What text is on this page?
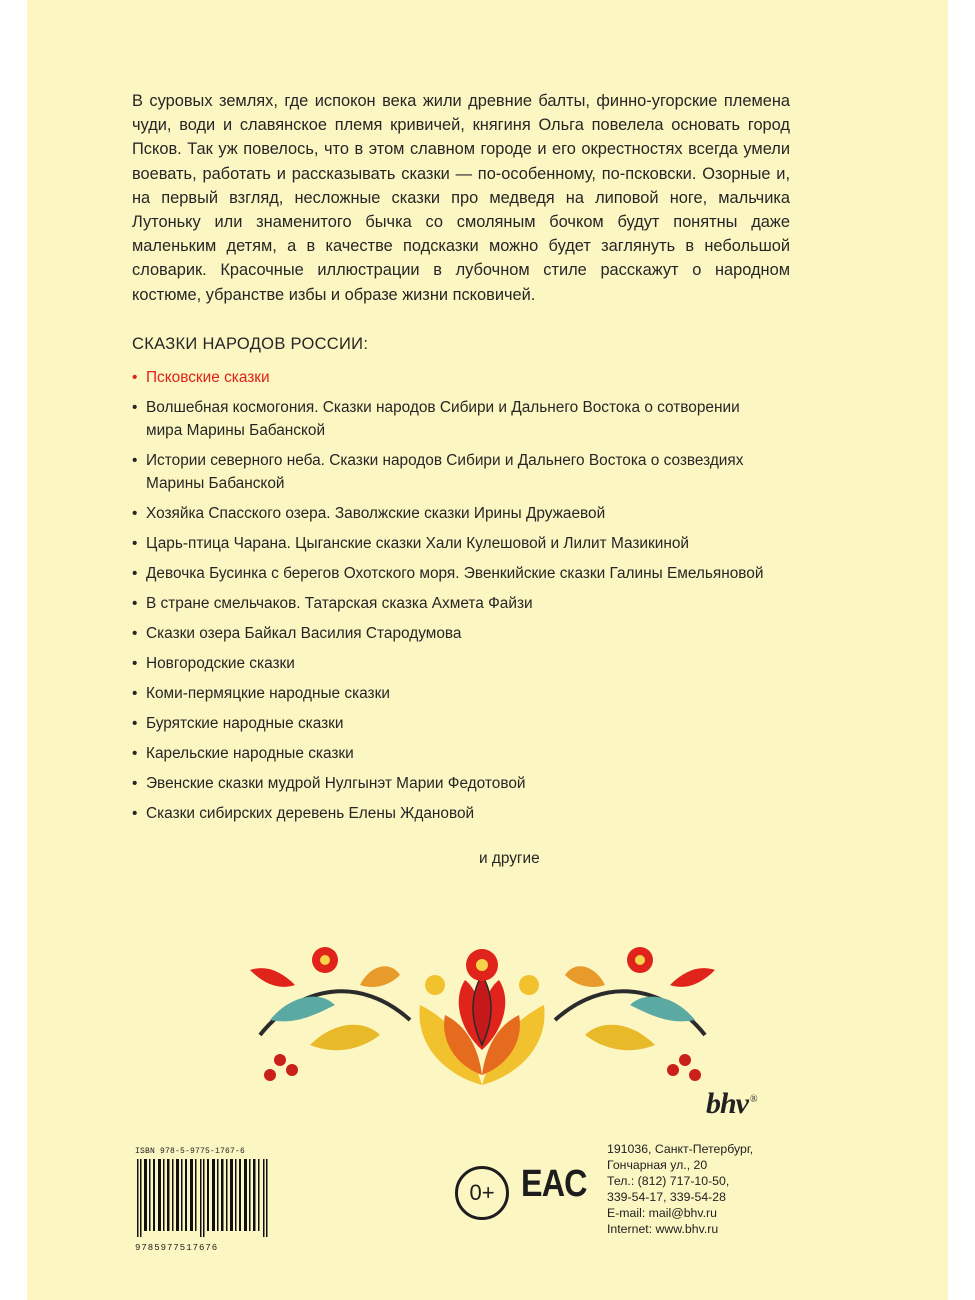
В суровых землях, где испокон века жили древние балты, финно-угорские племена чуди, води и славянское племя кривичей, княгиня Ольга повелела основать город Псков. Так уж повелось, что в этом славном городе и его окрестностях всегда умели воевать, работать и рассказывать сказки — по-особенному, по-псковски. Озорные и, на первый взгляд, несложные сказки про медведя на липовой ноге, мальчика Лутоньку или знаменитого бычка со смоляным бочком будут понятны даже маленьким детям, а в качестве подсказки можно будет заглянуть в небольшой словарик. Красочные иллюстрации в лубочном стиле расскажут о народном костюме, убранстве избы и образе жизни псковичей.

СКАЗКИ НАРОДОВ РОССИИ:
• Псковские сказки
• Волшебная космогония. Сказки народов Сибири и Дальнего Востока о сотворении мира Марины Бабанской
• Истории северного неба. Сказки народов Сибири и Дальнего Востока о созвездиях Марины Бабанской
• Хозяйка Спасского озера. Заволжские сказки Ирины Дружаевой
• Царь-птица Чарана. Цыганские сказки Хали Кулешовой и Лилит Мазикиной
• Девочка Бусинка с берегов Охотского моря. Эвенкийские сказки Галины Емельяновой
• В стране смельчаков. Татарская сказка Ахмета Файзи
• Сказки озера Байкал Василия Стародумова
• Новгородские сказки
• Коми-пермяцкие народные сказки
• Бурятские народные сказки
• Карельские народные сказки
• Эвенские сказки мудрой Нулгынэт Марии Федотовой
• Сказки сибирских деревень Елены Ждановой
и другие
ISBN 978-5-9775-1767-6
9785977517676
0+ EAC
bhv ®
191036, Санкт-Петербург,
Гончарная ул., 20
Тел.: (812) 717-10-50,
339-54-17, 339-54-28
E-mail: mail@bhv.ru
Internet: www.bhv.ru
